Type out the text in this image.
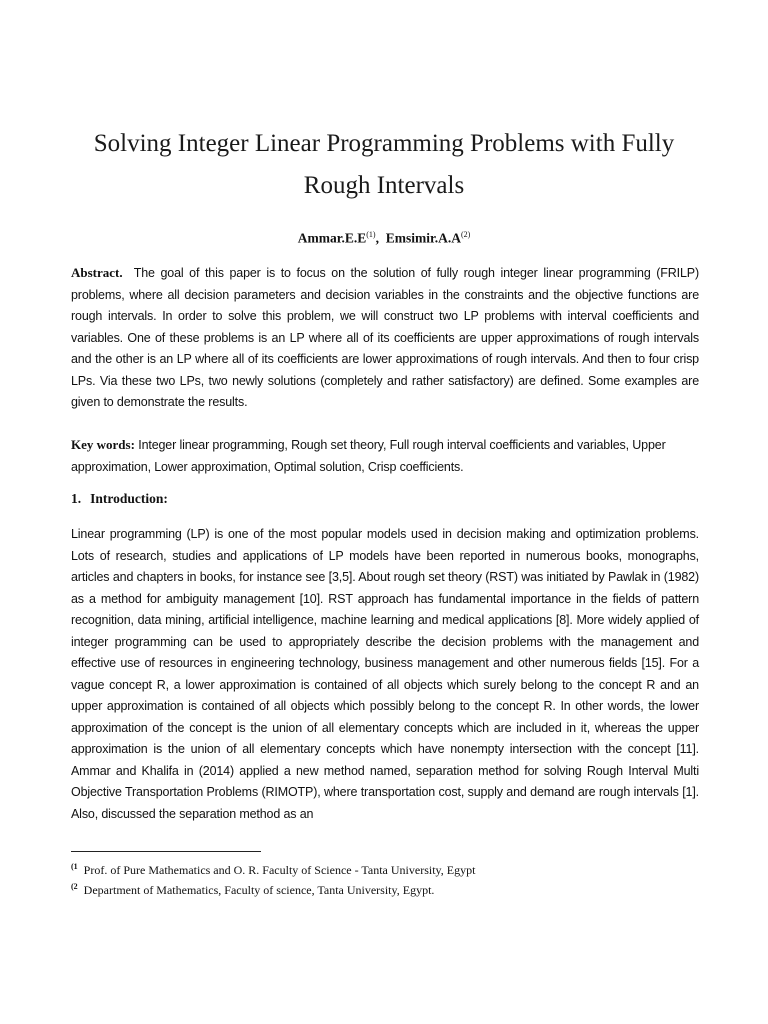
Solving Integer Linear Programming Problems with Fully
Rough Intervals
$Ammar.E.E^{(1)}$,  $Emsimir.A.A^{(2)}$

Abstract. The goal of this paper is to focus on the solution of fully rough integer linear programming (FRILP) problems, where all decision parameters and decision variables in the constraints and the objective functions are rough intervals. In order to solve this problem, we will construct two LP problems with interval coefficients and variables. One of these problems is an LP where all of its coefficients are upper approximations of rough intervals and the other is an LP where all of its coefficients are lower approximations of rough intervals. And then to four crisp LPs. Via these two LPs, two newly solutions (completely and rather satisfactory) are defined. Some examples are given to demonstrate the results.

Key words: Integer linear programming, Rough set theory, Full rough interval coefficients and variables, Upper approximation, Lower approximation, Optimal solution, Crisp coefficients.

1. Introduction:

Linear programming (LP) is one of the most popular models used in decision making and optimization problems. Lots of research, studies and applications of LP models have been reported in numerous books, monographs, articles and chapters in books, for instance see [3,5]. About rough set theory (RST) was initiated by Pawlak in (1982) as a method for ambiguity management [10]. RST approach has fundamental importance in the fields of pattern recognition, data mining, artificial intelligence, machine learning and medical applications [8]. More widely applied of integer programming can be used to appropriately describe the decision problems with the management and effective use of resources in engineering technology, business management and other numerous fields [15]. For a vague concept R, a lower approximation is contained of all objects which surely belong to the concept R and an upper approximation is contained of all objects which possibly belong to the concept R. In other words, the lower approximation of the concept is the union of all elementary concepts which are included in it, whereas the upper approximation is the union of all elementary concepts which have nonempty intersection with the concept [11]. Ammar and Khalifa in (2014) applied a new method named, separation method for solving Rough Interval Multi Objective Transportation Problems (RIMOTP), where transportation cost, supply and demand are rough intervals [1]. Also, discussed the separation method as an

$^{(1}$ Prof. of Pure Mathematics and O. R. Faculty of Science - Tanta University, Egypt

$^{(2}$ Department of Mathematics, Faculty of science, Tanta University, Egypt.
